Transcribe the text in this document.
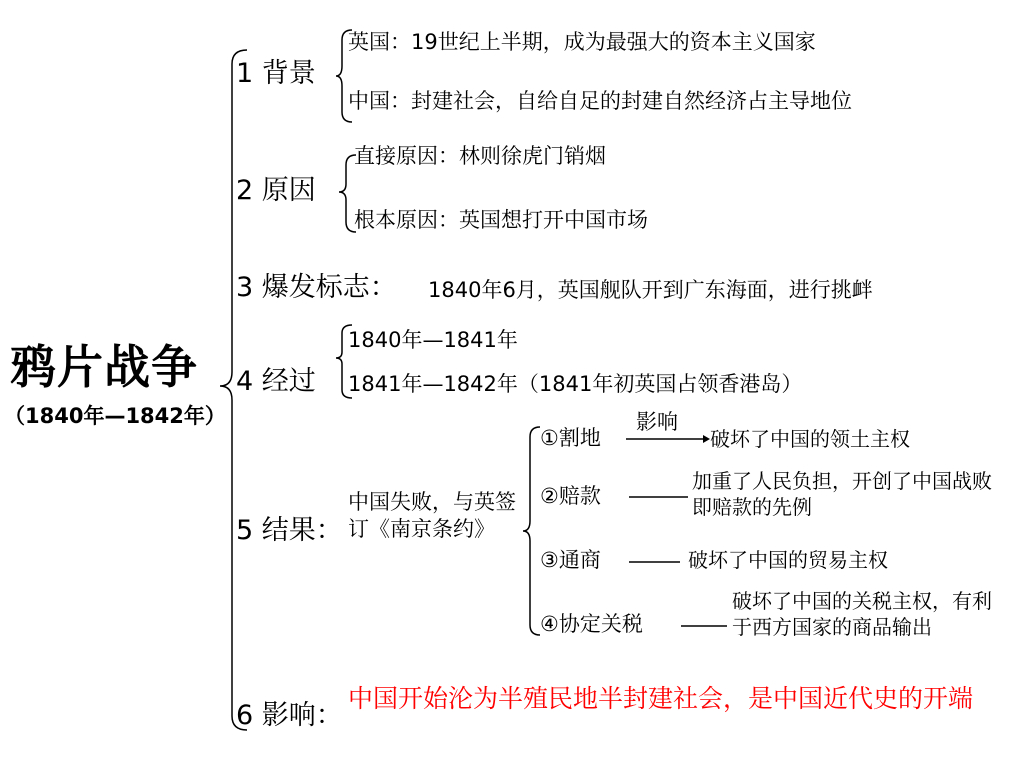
鸦片战争
（1840年—1842年）
1 背景
英国：19世纪上半期，成为最强大的资本主义国家
中国：封建社会，自给自足的封建自然经济占主导地位
2 原因
直接原因：林则徐虎门销烟
根本原因：英国想打开中国市场
3 爆发标志： 1840年6月，英国舰队开到广东海面，进行挑衅
4 经过
1840年—1841年
1841年—1842年（1841年初英国占领香港岛）
5 结果：
中国失败，与英签订《南京条约》
影响
①割地	破坏了中国的领土主权
②赔款
加重了人民负担，开创了中国战败即赔款的先例
③通商	破坏了中国的贸易主权
④协定关税
破坏了中国的关税主权，有利于西方国家的商品输出
6 影响：
中国开始沦为半殖民地半封建社会，是中国近代史的开端
